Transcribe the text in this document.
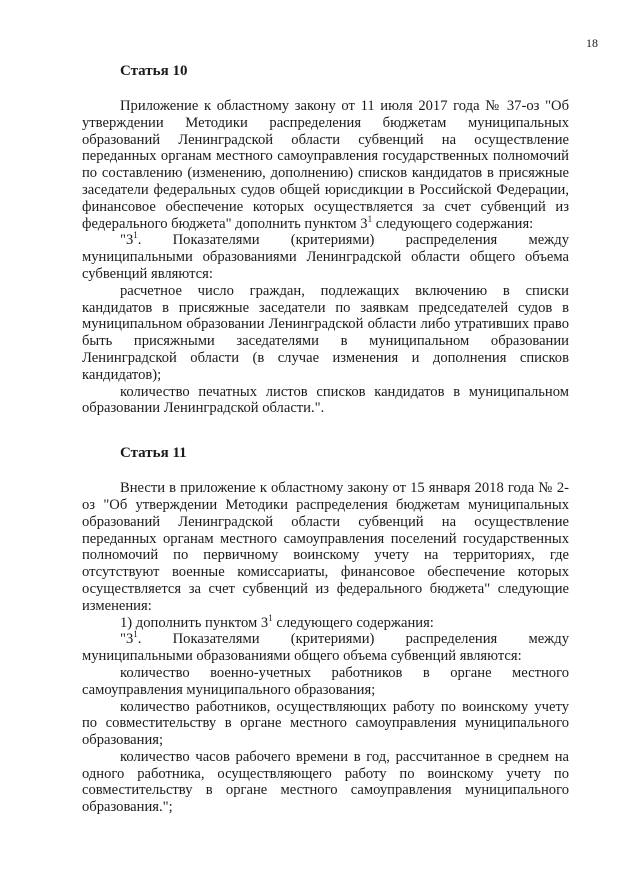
18
Статья 10

Приложение к областному закону от 11 июля 2017 года № 37-оз "Об утверждении Методики распределения бюджетам муниципальных образований Ленинградской области субвенций на осуществление переданных органам местного самоуправления государственных полномочий по составлению (изменению, дополнению) списков кандидатов в присяжные заседатели федеральных судов общей юрисдикции в Российской Федерации, финансовое обеспечение которых осуществляется за счет субвенций из федерального бюджета" дополнить пунктом $3^1$ следующего содержания:

"$3^1$. Показателями (критериями) распределения между муниципальными образованиями Ленинградской области общего объема субвенций являются:

расчетное число граждан, подлежащих включению в списки кандидатов в присяжные заседатели по заявкам председателей судов в муниципальном образовании Ленинградской области либо утративших право быть присяжными заседателями в муниципальном образовании Ленинградской области (в случае изменения и дополнения списков кандидатов);

количество печатных листов списков кандидатов в муниципальном образовании Ленинградской области.".

Статья 11

Внести в приложение к областному закону от 15 января 2018 года № 2-оз "Об утверждении Методики распределения бюджетам муниципальных образований Ленинградской области субвенций на осуществление переданных органам местного самоуправления поселений государственных полномочий по первичному воинскому учету на территориях, где отсутствуют военные комиссариаты, финансовое обеспечение которых осуществляется за счет субвенций из федерального бюджета" следующие изменения:

1) дополнить пунктом $3^1$ следующего содержания:

"$3^1$. Показателями (критериями) распределения между муниципальными образованиями общего объема субвенций являются:

количество военно-учетных работников в органе местного самоуправления муниципального образования;

количество работников, осуществляющих работу по воинскому учету по совместительству в органе местного самоуправления муниципального образования;

количество часов рабочего времени в год, рассчитанное в среднем на одного работника, осуществляющего работу по воинскому учету по совместительству в органе местного самоуправления муниципального образования.";
